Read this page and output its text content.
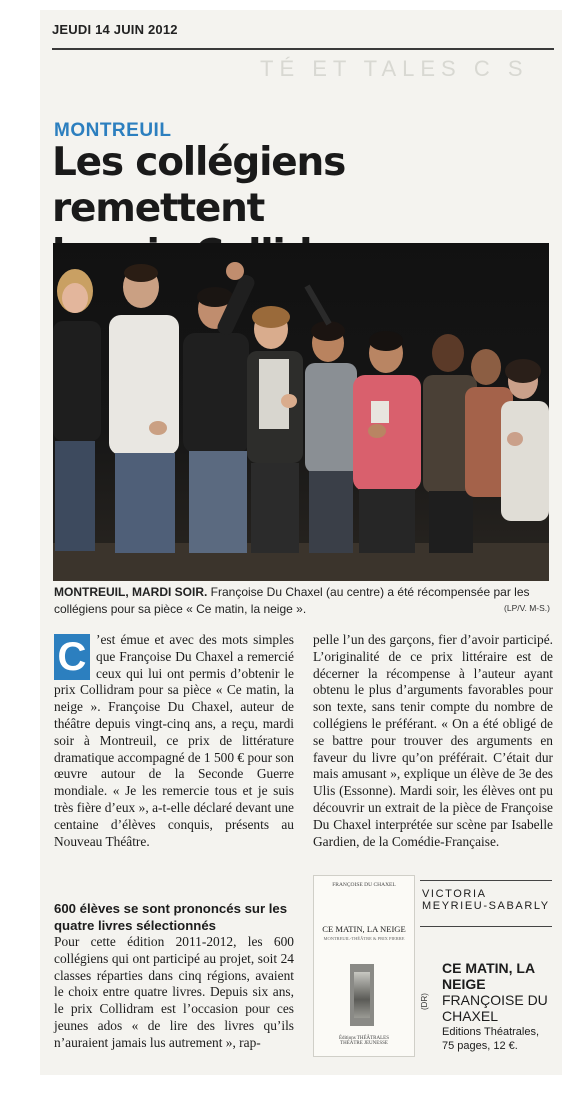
JEUDI 14 JUIN 2012
TÉ ET TALES C S
MONTREUIL
Les collégiens remettent
MONTREUIL, MARDI SOIR. Françoise Du Chaxel (au centre) a été récompensée par les collégiens pour sa pièce « Ce matin, la neige ».	(LP/V. M-S.)
C ’est émue et avec des mots simples que Françoise Du Chaxel a remercié ceux qui lui ont permis d’obtenir le prix Collidram pour sa pièce « Ce matin, la neige ». Françoise Du Chaxel, auteur de théâtre depuis vingt-cinq ans, a reçu, mardi soir à Montreuil, ce prix de littérature dramatique accompagné de 1 500 € pour son œuvre autour de la Seconde Guerre mondiale. « Je les remercie tous et je suis très fière d’eux », a-t-elle déclaré devant une centaine d’élèves conquis, présents au Nouveau Théâtre.
600 élèves se sont prononcés sur les quatre livres sélectionnés
Pour cette édition 2011-2012, les 600 collégiens qui ont participé au projet, soit 24 classes réparties dans cinq régions, avaient le choix entre quatre livres. Depuis six ans, le prix Collidram est l’occasion pour ces jeunes ados « de lire des livres qu’ils n’auraient jamais lus autrement », rap-
pelle l’un des garçons, fier d’avoir participé. L’originalité de ce prix littéraire est de décerner la récompense à l’auteur ayant obtenu le plus d’arguments favorables pour son texte, sans tenir compte du nombre de collégiens le préférant. « On a été obligé de se battre pour trouver des arguments en faveur du livre qu’on préférait. C’était dur mais amusant », explique un élève de 3e des Ulis (Essonne). Mardi soir, les élèves ont pu découvrir un extrait de la pièce de Françoise Du Chaxel interprétée sur scène par Isabelle Gardien, de la Comédie-Française.
VICTORIA MEYRIEU-SABARLY
FRANÇOISE DU CHAXEL
CE MATIN, LA NEIGE
MONTREUIL-THÉÂTRE & PRIX PIERRE
Éditions THÉÂTRALES
THÉÂTRE JEUNESSE
(DR)
CE MATIN, LA NEIGE
FRANÇOISE DU CHAXEL
Editions Théatrales, 75 pages, 12 €.
